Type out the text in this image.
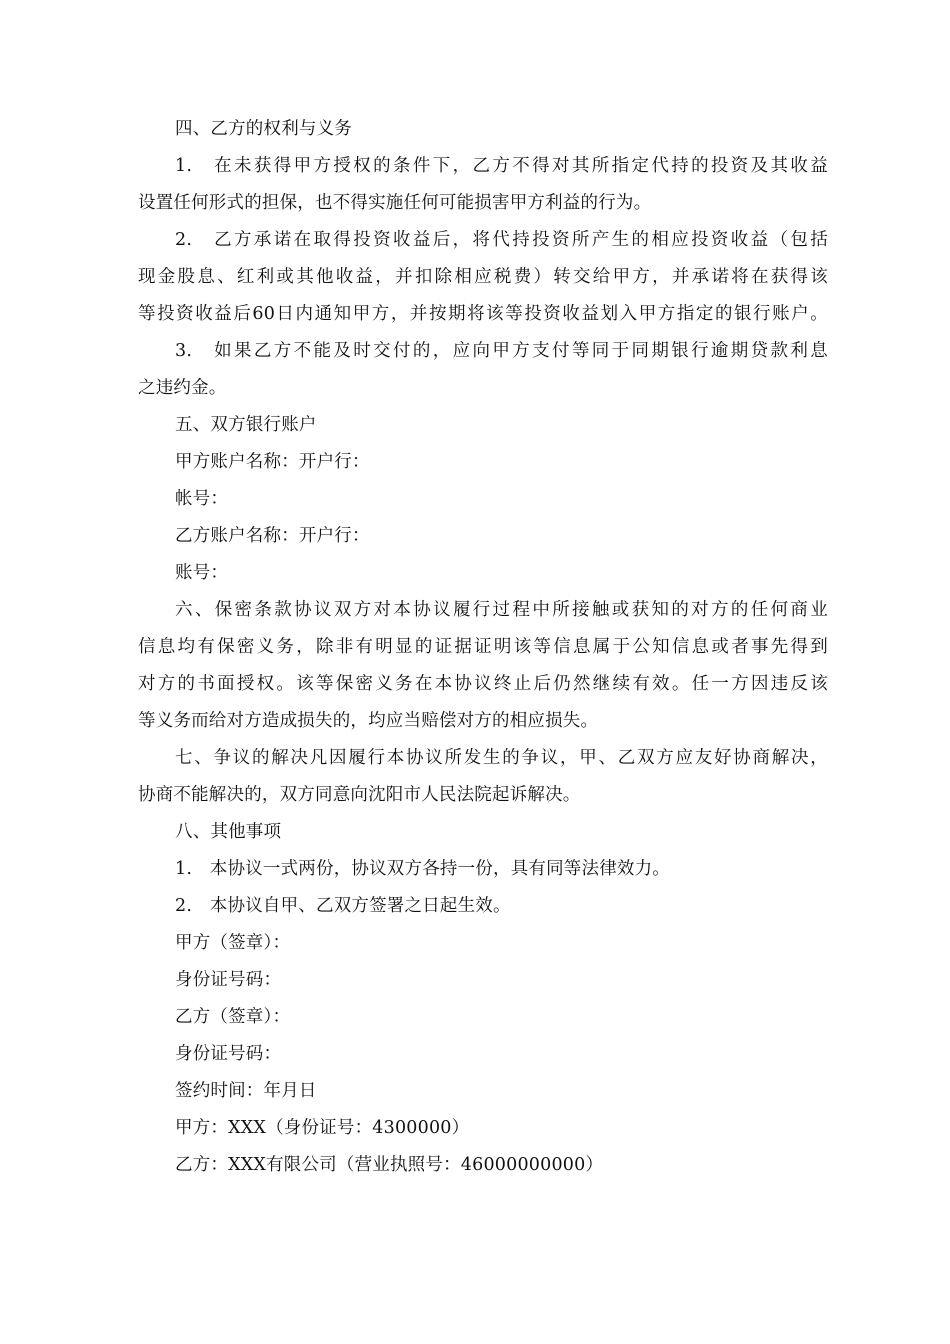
四、乙方的权利与义务
1.　在未获得甲方授权的条件下，乙方不得对其所指定代持的投资及其收益
设置任何形式的担保，也不得实施任何可能损害甲方利益的行为。
2.　乙方承诺在取得投资收益后，将代持投资所产生的相应投资收益（包括
现金股息、红利或其他收益，并扣除相应税费）转交给甲方，并承诺将在获得该
等投资收益后60日内通知甲方，并按期将该等投资收益划入甲方指定的银行账户。
3.　如果乙方不能及时交付的，应向甲方支付等同于同期银行逾期贷款利息
之违约金。
五、双方银行账户
甲方账户名称：开户行：
帐号：
乙方账户名称：开户行：
账号：
六、保密条款协议双方对本协议履行过程中所接触或获知的对方的任何商业
信息均有保密义务，除非有明显的证据证明该等信息属于公知信息或者事先得到
对方的书面授权。该等保密义务在本协议终止后仍然继续有效。任一方因违反该
等义务而给对方造成损失的，均应当赔偿对方的相应损失。
七、争议的解决凡因履行本协议所发生的争议，甲、乙双方应友好协商解决，
协商不能解决的，双方同意向沈阳市人民法院起诉解决。
八、其他事项
1.　本协议一式两份，协议双方各持一份，具有同等法律效力。
2.　本协议自甲、乙双方签署之日起生效。
甲方（签章）：
身份证号码：
乙方（签章）：
身份证号码：
签约时间：年月日
甲方：XXX（身份证号：4300000）
乙方：XXX有限公司（营业执照号：46000000000）
